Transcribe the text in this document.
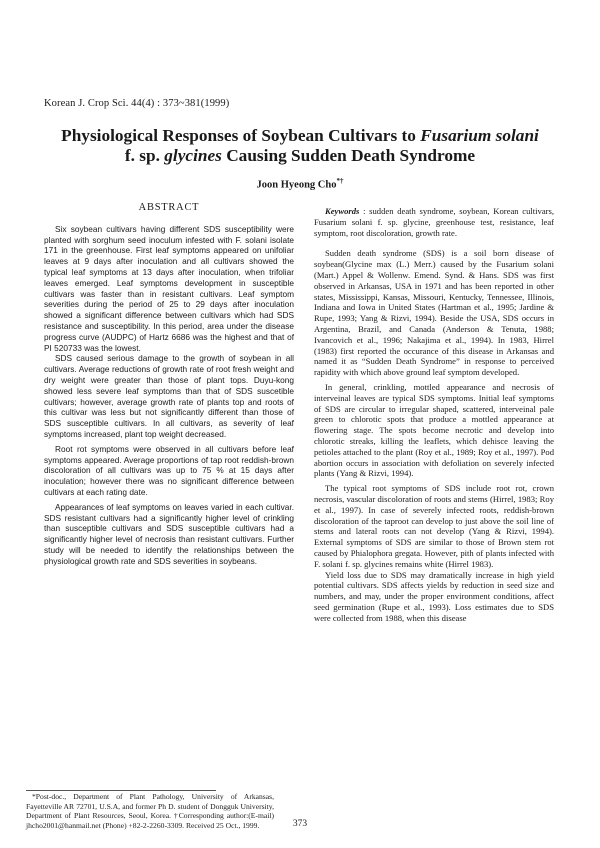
Korean J. Crop Sci. 44(4) : 373~381(1999)
Physiological Responses of Soybean Cultivars to Fusarium solani
f. sp. glycines Causing Sudden Death Syndrome
Joon Hyeong Cho*†
ABSTRACT

Six soybean cultivars having different SDS susceptibility were planted with sorghum seed inoculum infested with F. solani isolate 171 in the greenhouse. First leaf symptoms appeared on unifoliar leaves at 9 days after inoculation and all cultivars showed the typical leaf symptoms at 13 days after inoculation, when trifoliar leaves emerged. Leaf symptoms development in susceptible cultivars was faster than in resistant cultivars. Leaf symptom severities during the period of 25 to 29 days after inoculation showed a significant difference between cultivars which had SDS resistance and susceptibility. In this period, area under the disease progress curve (AUDPC) of Hartz 6686 was the highest and that of PI 520733 was the lowest.

SDS caused serious damage to the growth of soybean in all cultivars. Average reductions of growth rate of root fresh weight and dry weight were greater than those of plant tops. Duyu-kong showed less severe leaf symptoms than that of SDS suscetible cultivars; however, average growth rate of plants top and roots of this cultivar was less but not significantly different than those of SDS susceptible cultivars. In all cultivars, as severity of leaf symptoms increased, plant top weight decreased.

Root rot symptoms were observed in all cultivars before leaf symptoms appeared. Average proportions of tap root reddish-brown discoloration of all cultivars was up to 75 % at 15 days after inoculation; however there was no significant difference between cultivars at each rating date.

Appearances of leaf symptoms on leaves varied in each cultivar. SDS resistant cultivars had a significantly higher level of crinkling than susceptible cultivars and SDS susceptible cultivars had a significantly higher level of necrosis than resistant cultivars. Further study will be needed to identify the relationships between the physiological growth rate and SDS severities in soybeans.

Keywords : sudden death syndrome, soybean, Korean cultivars, Fusarium solani f. sp. glycine, greenhouse test, resistance, leaf symptom, root discoloration, growth rate.

Sudden death syndrome (SDS) is a soil born disease of soybean(Glycine max (L.) Merr.) caused by the Fusarium solani (Mart.) Appel & Wollenw. Emend. Synd. & Hans. SDS was first observed in Arkansas, USA in 1971 and has been reported in other states, Mississippi, Kansas, Missouri, Kentucky, Tennessee, Illinois, Indiana and Iowa in United States (Hartman et al., 1995; Jardine & Rupe, 1993; Yang & Rizvi, 1994). Beside the USA, SDS occurs in Argentina, Brazil, and Canada (Anderson & Tenuta, 1988; Ivancovich et al., 1996; Nakajima et al., 1994). In 1983, Hirrel (1983) first reported the occurance of this disease in Arkansas and named it as “Sudden Death Syndrome” in response to perceived rapidity with which above ground leaf symptom developed.

In general, crinkling, mottled appearance and necrosis of interveinal leaves are typical SDS symptoms. Initial leaf symptoms of SDS are circular to irregular shaped, scattered, interveinal pale green to chlorotic spots that produce a mottled appearance at flowering stage. The spots become necrotic and develop into chlorotic streaks, killing the leaflets, which dehisce leaving the petioles attached to the plant (Roy et al., 1989; Roy et al., 1997). Pod abortion occurs in association with defoliation on severely infected plants (Yang & Rizvi, 1994).

The typical root symptoms of SDS include root rot, crown necrosis, vascular discoloration of roots and stems (Hirrel, 1983; Roy et al., 1997). In case of severely infected roots, reddish-brown discoloration of the taproot can develop to just above the soil line of stems and lateral roots can not develop (Yang & Rizvi, 1994). External symptoms of SDS are similar to those of Brown stem rot caused by Phialophora gregata. However, pith of plants infected with F. solani f. sp. glycines remains white (Hirrel 1983).

Yield loss due to SDS may dramatically increase in high yield potential cultivars. SDS affects yields by reduction in seed size and numbers, and may, under the proper environment conditions, affect seed germination (Rupe et al., 1993). Loss estimates due to SDS were collected from 1988, when this disease

*Post-doc., Department of Plant Pathology, University of Arkansas, Fayetteville AR 72701, U.S.A, and former Ph D. student of Dongguk University, Department of Plant Resources, Seoul, Korea. †Corresponding author:(E-mail) jhcho2001@hanmail.net (Phone) +82-2-2260-3309. Received 25 Oct., 1999.	373
